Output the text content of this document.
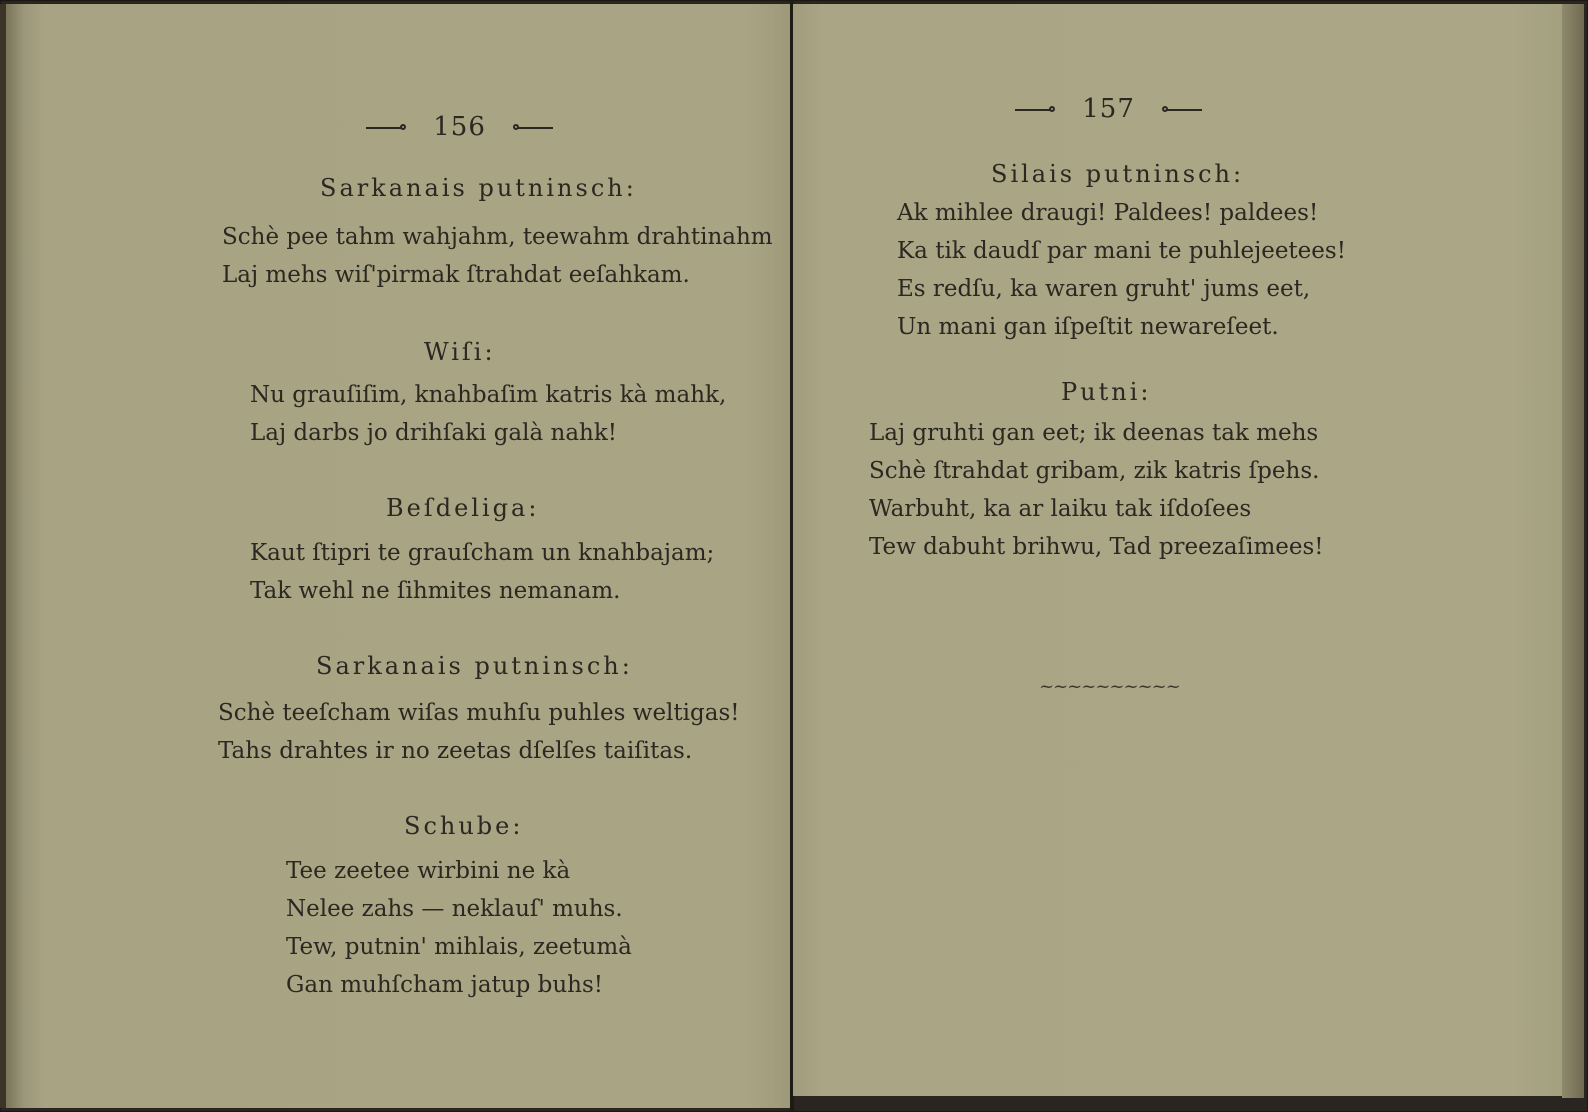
156
Sarkanais putninsch:
Schè pee tahm wahjahm, teewahm drahtinahm
Laj mehs wiſ'pirmak ſtrahdat eeſahkam.
Wiſi:
Nu grauſiſim, knahbaſim katris kà mahk,
Laj darbs jo drihſaki galà nahk!
Beſdeliga:
Kaut ſtipri te grauſcham un knahbajam;
Tak wehl ne ſihmites nemanam.
Sarkanais putninsch:
Schè teeſcham wiſas muhſu puhles weltigas!
Tahs drahtes ir no zeetas dſelſes taiſitas.
Schube:
Tee zeetee wirbini ne kà
Nelee zahs — neklauſ' muhs.
Tew, putnin' mihlais, zeetumà
Gan muhſcham jatup buhs!
157
Silais putninsch:
Ak mihlee draugi! Paldees! paldees!
Ka tik daudſ par mani te puhlejeetees!
Es redſu, ka waren gruht' jums eet,
Un mani gan iſpeſtit newareſeet.
Putni:
Laj gruhti gan eet; ik deenas tak mehs
Schè ſtrahdat gribam, zik katris ſpehs.
Warbuht, ka ar laiku tak iſdoſees
Tew dabuht brihwu, Tad preezaſimees!
~~~~~~~~~~
